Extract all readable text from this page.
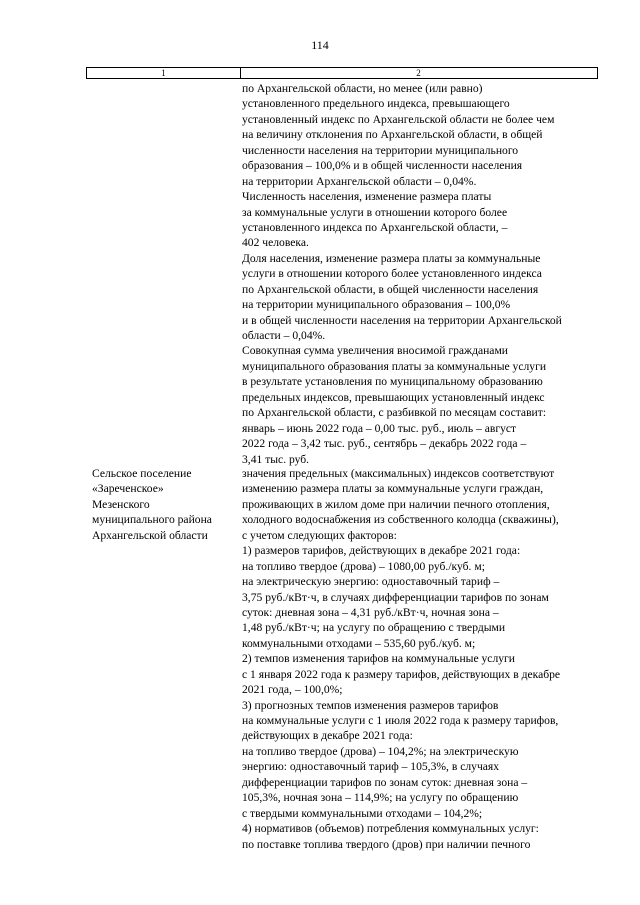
114
1	2
по Архангельской области, но менее (или равно)
установленного предельного индекса, превышающего
установленный индекс по Архангельской области не более чем
на величину отклонения по Архангельской области, в общей
численности населения на территории муниципального
образования – 100,0% и в общей численности населения
на территории Архангельской области – 0,04%.
Численность населения, изменение размера платы
за коммунальные услуги в отношении которого более
установленного индекса по Архангельской области, –
402 человека.
Доля населения, изменение размера платы за коммунальные
услуги в отношении которого более установленного индекса
по Архангельской области, в общей численности населения
на территории муниципального образования – 100,0%
и в общей численности населения на территории Архангельской
области – 0,04%.
Совокупная сумма увеличения вносимой гражданами
муниципального образования платы за коммунальные услуги
в результате установления по муниципальному образованию
предельных индексов, превышающих установленный индекс
по Архангельской области, с разбивкой по месяцам составит:
январь – июнь 2022 года – 0,00 тыс. руб., июль – август
2022 года – 3,42 тыс. руб., сентябрь – декабрь 2022 года –
3,41 тыс. руб.
Сельское поселение
«Зареченское»
Мезенского
муниципального района
Архангельской области
значения предельных (максимальных) индексов соответствуют
изменению размера платы за коммунальные услуги граждан,
проживающих в жилом доме при наличии печного отопления,
холодного водоснабжения из собственного колодца (скважины),
с учетом следующих факторов:
1) размеров тарифов, действующих в декабре 2021 года:
на топливо твердое (дрова) – 1080,00 руб./куб. м;
на электрическую энергию: одноставочный тариф –
3,75 руб./кВт·ч, в случаях дифференциации тарифов по зонам
суток: дневная зона – 4,31 руб./кВт·ч, ночная зона –
1,48 руб./кВт·ч; на услугу по обращению с твердыми
коммунальными отходами – 535,60 руб./куб. м;
2) темпов изменения тарифов на коммунальные услуги
с 1 января 2022 года к размеру тарифов, действующих в декабре
2021 года, – 100,0%;
3) прогнозных темпов изменения размеров тарифов
на коммунальные услуги с 1 июля 2022 года к размеру тарифов,
действующих в декабре 2021 года:
на топливо твердое (дрова) – 104,2%; на электрическую
энергию: одноставочный тариф – 105,3%, в случаях
дифференциации тарифов по зонам суток: дневная зона –
105,3%, ночная зона – 114,9%; на услугу по обращению
с твердыми коммунальными отходами – 104,2%;
4) нормативов (объемов) потребления коммунальных услуг:
по поставке топлива твердого (дров) при наличии печного
